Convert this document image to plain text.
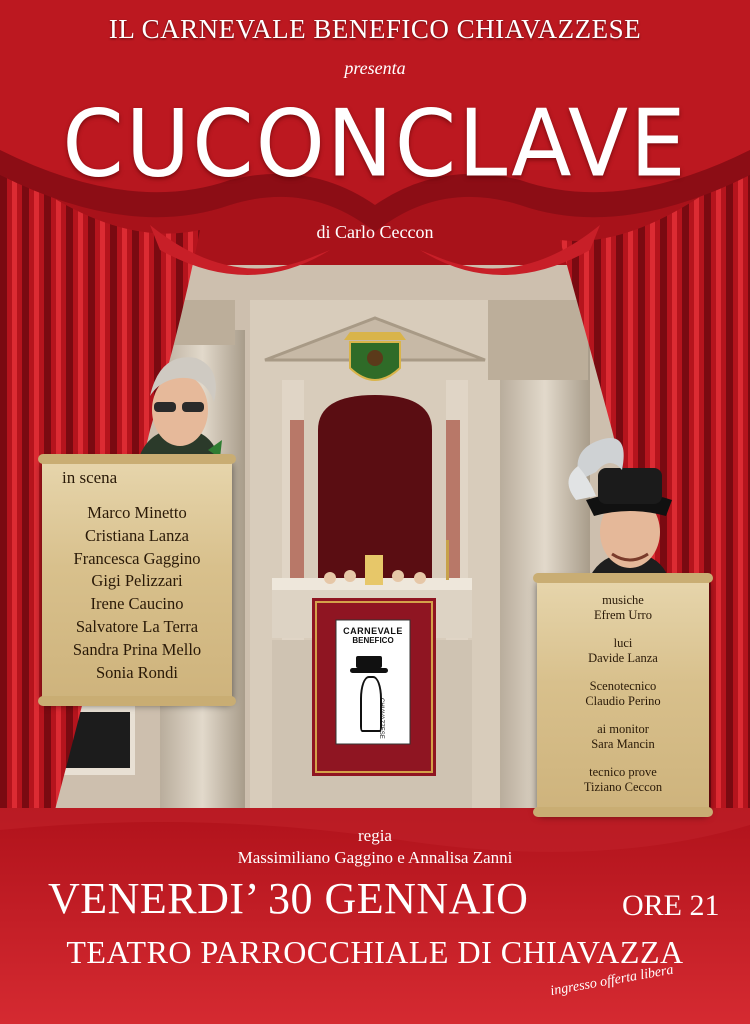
CARNEVALE
BENEFICO
CHIAVAZZESE
IL CARNEVALE BENEFICO CHIAVAZZESE
presenta
CUCONCLAVE
di Carlo Ceccon
in scena
Marco Minetto
Cristiana Lanza
Francesca Gaggino
Gigi Pelizzari
Irene Caucino
Salvatore La Terra
Sandra Prina Mello
Sonia Rondi
musiche
Efrem Urro
luci
Davide Lanza
Scenotecnico
Claudio Perino
ai monitor
Sara Mancin
tecnico prove
Tiziano Ceccon
regia
Massimiliano Gaggino e Annalisa Zanni
VENERDI’ 30 GENNAIO	ORE 21
TEATRO PARROCCHIALE DI CHIAVAZZA
ingresso offerta libera
